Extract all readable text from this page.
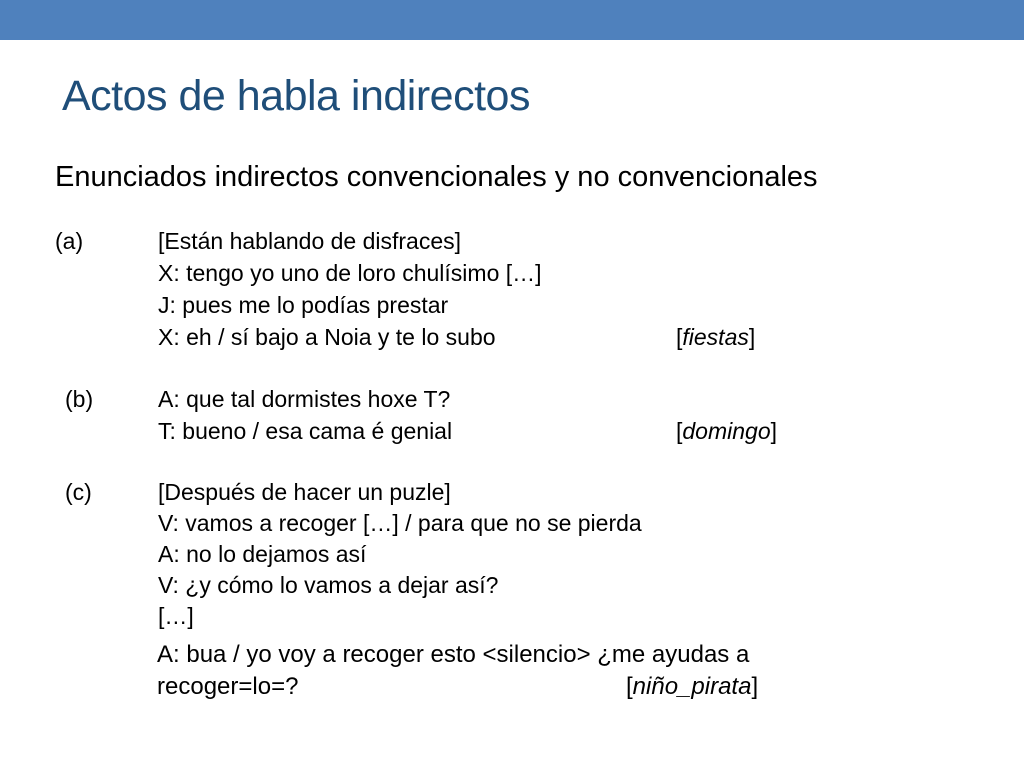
Actos de habla indirectos

Enunciados indirectos convencionales y no convencionales

(a)	[Están hablando de disfraces]
X: tengo yo uno de loro chulísimo […]
J: pues me lo podías prestar
X: eh / sí bajo a Noia y te lo subo	[fiestas]
(b)	A: que tal dormistes hoxe T?
T: bueno / esa cama é genial	[domingo]
(c)	[Después de hacer un puzle]
V: vamos a recoger […] / para que no se pierda
A: no lo dejamos así
V: ¿y cómo lo vamos a dejar así?
[…]
A: bua / yo voy a recoger esto <silencio> ¿me ayudas a
recoger=lo=?	[niño_pirata]
